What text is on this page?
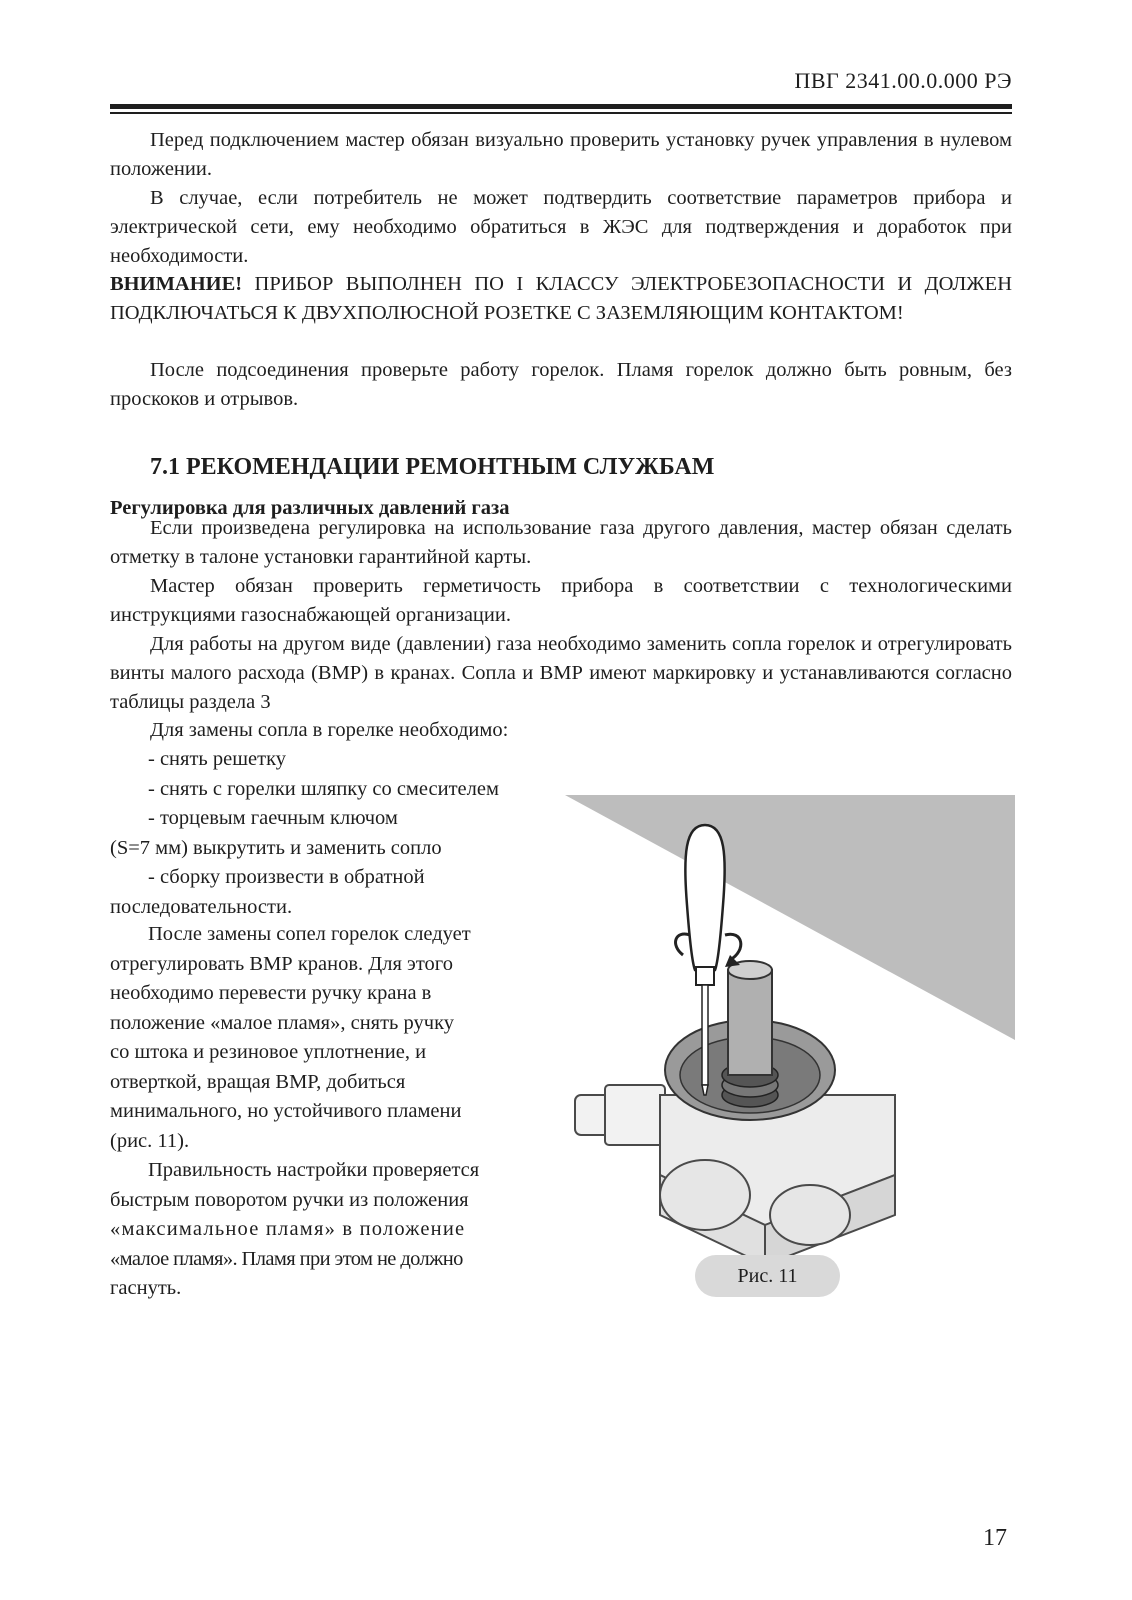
ПВГ 2341.00.0.000 РЭ

Перед подключением мастер обязан визуально проверить установку ручек управления в нулевом положении.

В случае, если потребитель не может подтвердить соответствие параметров прибора и электрической сети, ему необходимо обратиться в ЖЭС для подтверждения и доработок при необходимости.

ВНИМАНИЕ! ПРИБОР ВЫПОЛНЕН ПО I КЛАССУ ЭЛЕКТРОБЕЗОПАСНОСТИ И ДОЛЖЕН ПОДКЛЮЧАТЬСЯ К ДВУХПОЛЮСНОЙ РОЗЕТКЕ С ЗАЗЕМЛЯЮЩИМ КОНТАКТОМ!

После подсоединения проверьте работу горелок. Пламя горелок должно быть ровным, без проскоков и отрывов.

7.1 РЕКОМЕНДАЦИИ РЕМОНТНЫМ СЛУЖБАМ
Регулировка для различных давлений газа

Если произведена регулировка на использование газа другого давления, мастер обязан сделать отметку в талоне установки гарантийной карты.

Мастер обязан проверить герметичость прибора в соответствии с технологическими инструкциями газоснабжающей организации.

Для работы на другом виде (давлении) газа необходимо заменить сопла горелок и отрегулировать винты малого расхода (ВМР) в кранах. Сопла и ВМР имеют маркировку и устанавливаются согласно таблицы раздела 3

Для замены сопла в горелке необходимо:

- снять решетку
- снять с горелки шляпку со смесителем
- торцевым гаечным ключом
(S=7 мм) выкрутить и заменить сопло
- сборку произвести в обратной
последовательности.
После замены сопел горелок следует
отрегулировать ВМР кранов. Для этого
необходимо перевести ручку крана в
положение «малое пламя», снять ручку
со штока и резиновое уплотнение, и
отверткой, вращая ВМР, добиться
минимального, но устойчивого пламени
(рис. 11).
Правильность настройки проверяется
быстрым поворотом ручки из положения
«максимальное пламя» в положение
«малое пламя». Пламя при этом не должно
гаснуть.
Рис. 11
17
